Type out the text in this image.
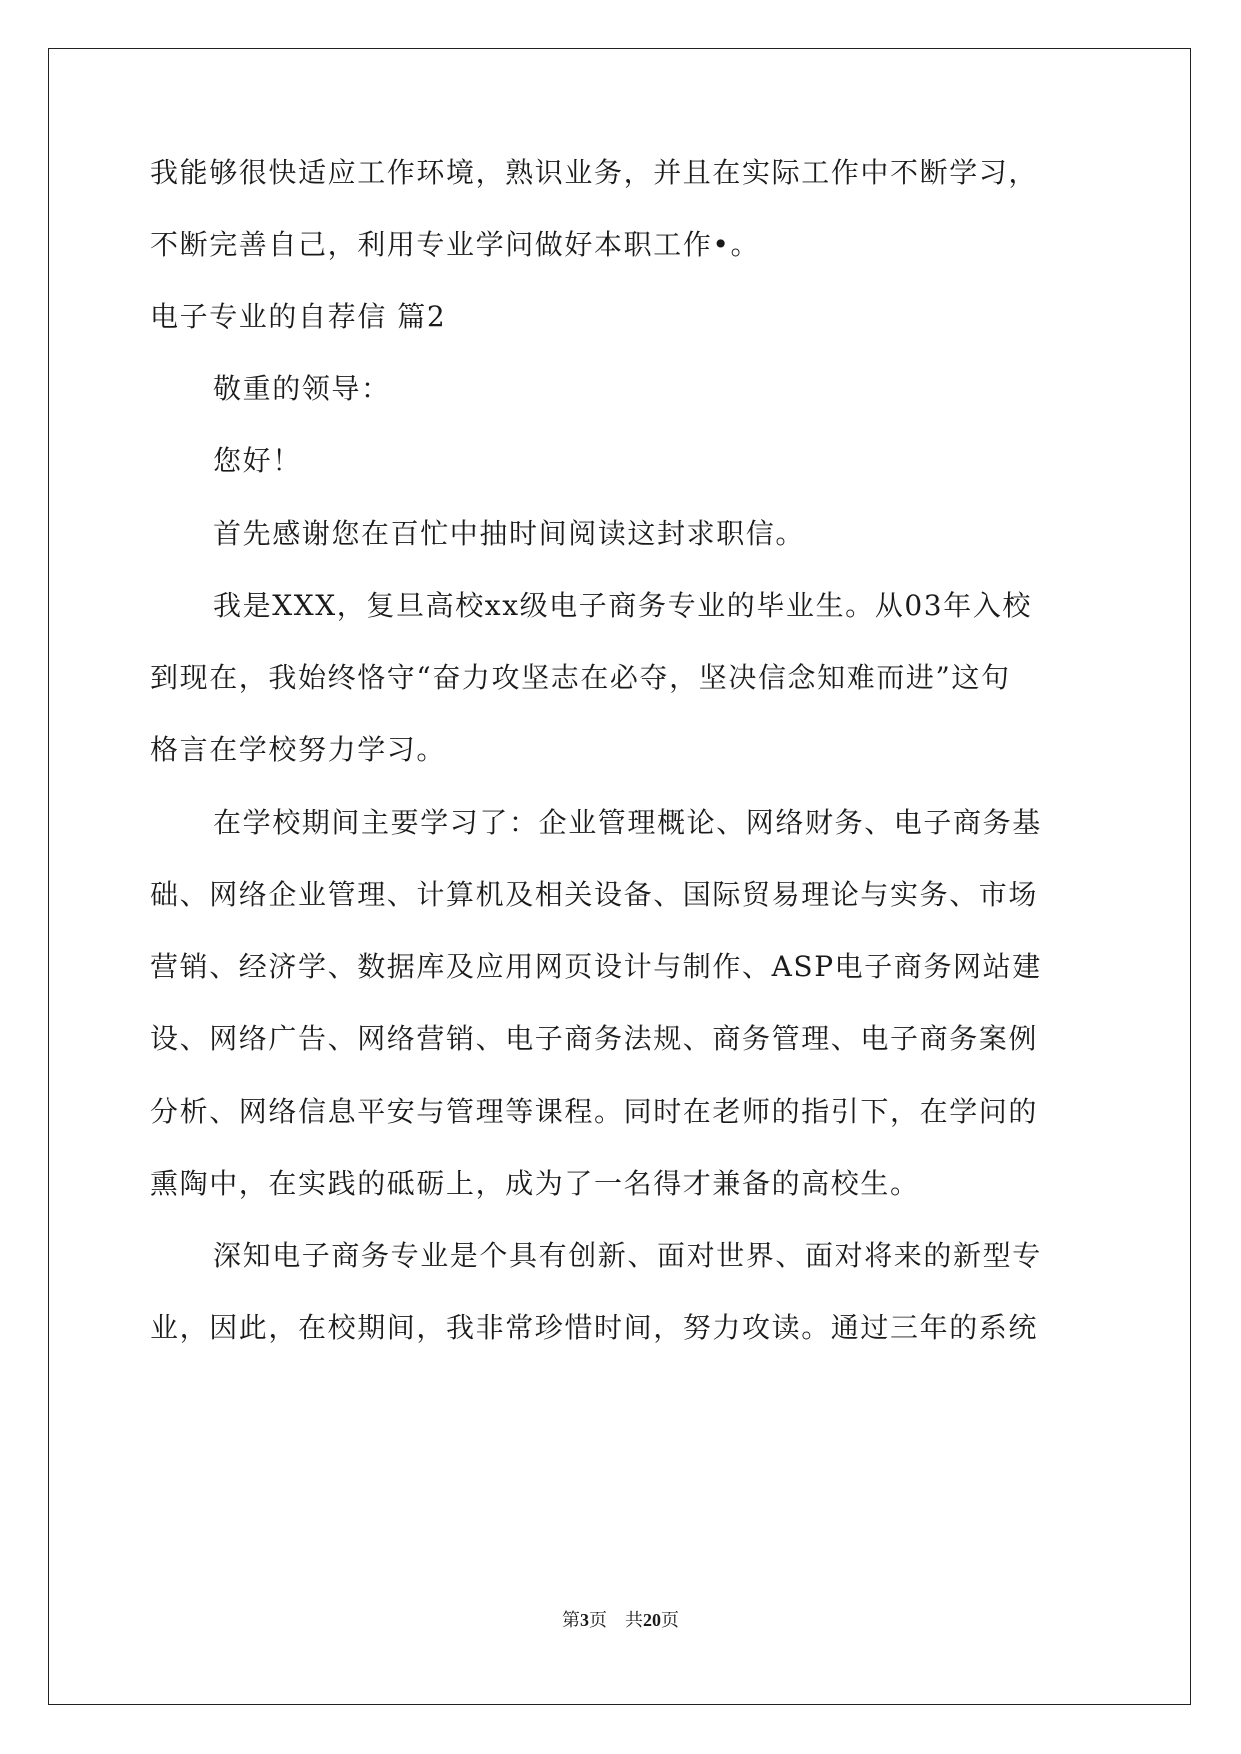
我能够很快适应工作环境，熟识业务，并且在实际工作中不断学习，
不断完善自己，利用专业学问做好本职工作•。
电子专业的自荐信 篇2
敬重的领导：
您好！
首先感谢您在百忙中抽时间阅读这封求职信。
我是XXX，复旦高校xx级电子商务专业的毕业生。从03年入校
到现在，我始终恪守“奋力攻坚志在必夺，坚决信念知难而进”这句
格言在学校努力学习。
在学校期间主要学习了：企业管理概论、网络财务、电子商务基
础、网络企业管理、计算机及相关设备、国际贸易理论与实务、市场
营销、经济学、数据库及应用网页设计与制作、ASP电子商务网站建
设、网络广告、网络营销、电子商务法规、商务管理、电子商务案例
分析、网络信息平安与管理等课程。同时在老师的指引下，在学问的
熏陶中，在实践的砥砺上，成为了一名得才兼备的高校生。
深知电子商务专业是个具有创新、面对世界、面对将来的新型专
业，因此，在校期间，我非常珍惜时间，努力攻读。通过三年的系统
第3页　共20页
